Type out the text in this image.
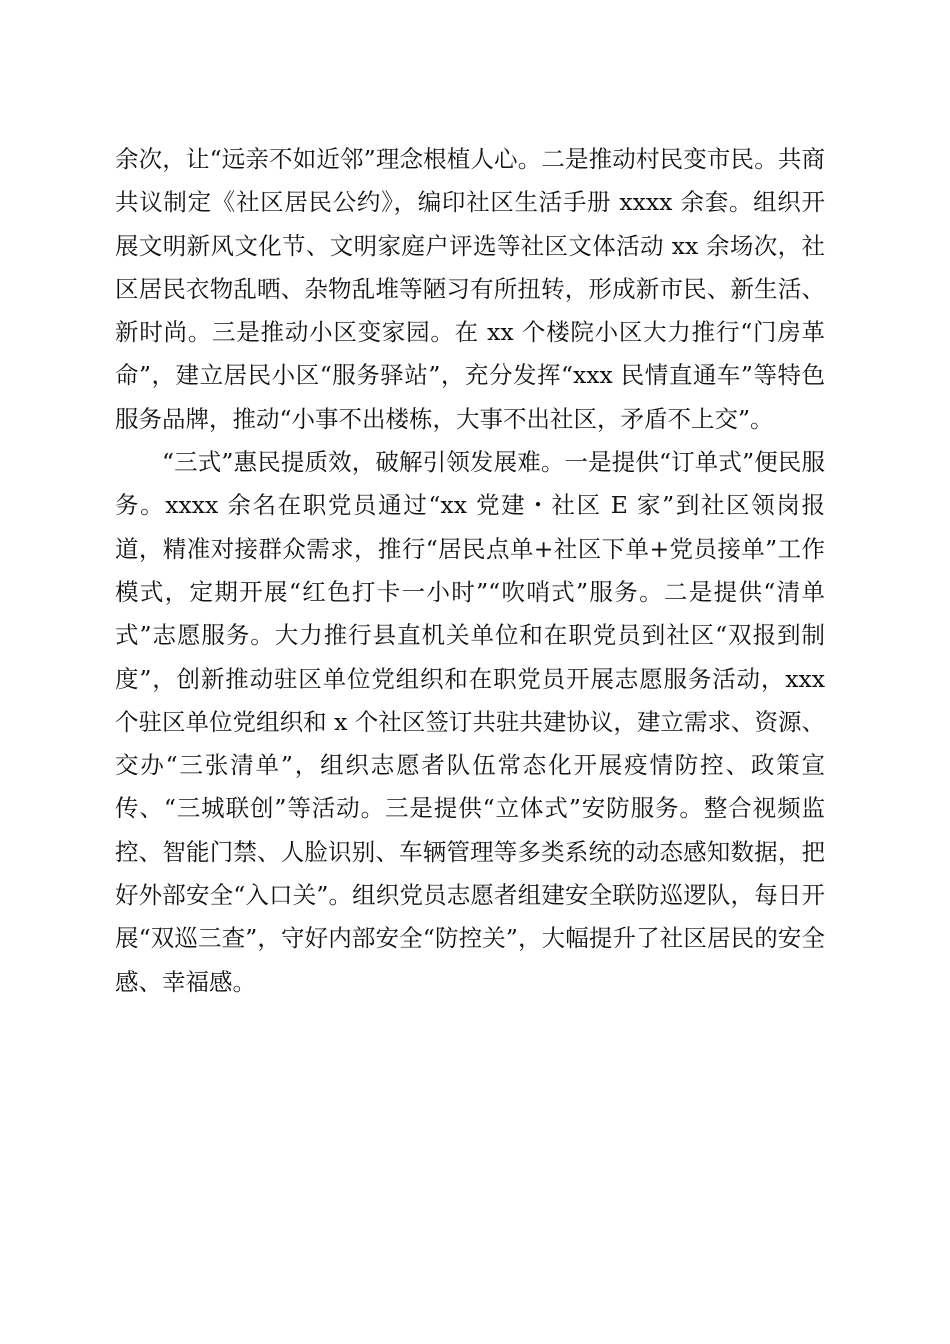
余次，让“远亲不如近邻”理念根植人心。二是推动村民变市民。共商共议制定《社区居民公约》，编印社区生活手册 xxxx 余套。组织开展文明新风文化节、文明家庭户评选等社区文体活动 xx 余场次，社区居民衣物乱晒、杂物乱堆等陋习有所扭转，形成新市民、新生活、新时尚。三是推动小区变家园。在 xx 个楼院小区大力推行“门房革命”，建立居民小区“服务驿站”，充分发挥“xxx 民情直通车”等特色服务品牌，推动“小事不出楼栋，大事不出社区，矛盾不上交”。

“三式”惠民提质效，破解引领发展难。一是提供“订单式”便民服务。xxxx 余名在职党员通过“xx 党建・社区 E 家”到社区领岗报道，精准对接群众需求，推行“居民点单+社区下单+党员接单”工作模式，定期开展“红色打卡一小时”“吹哨式”服务。二是提供“清单式”志愿服务。大力推行县直机关单位和在职党员到社区“双报到制度”，创新推动驻区单位党组织和在职党员开展志愿服务活动，xxx 个驻区单位党组织和 x 个社区签订共驻共建协议，建立需求、资源、交办“三张清单”，组织志愿者队伍常态化开展疫情防控、政策宣传、“三城联创”等活动。三是提供“立体式”安防服务。整合视频监控、智能门禁、人脸识别、车辆管理等多类系统的动态感知数据，把好外部安全“入口关”。组织党员志愿者组建安全联防巡逻队，每日开展“双巡三查”，守好内部安全“防控关”，大幅提升了社区居民的安全感、幸福感。
